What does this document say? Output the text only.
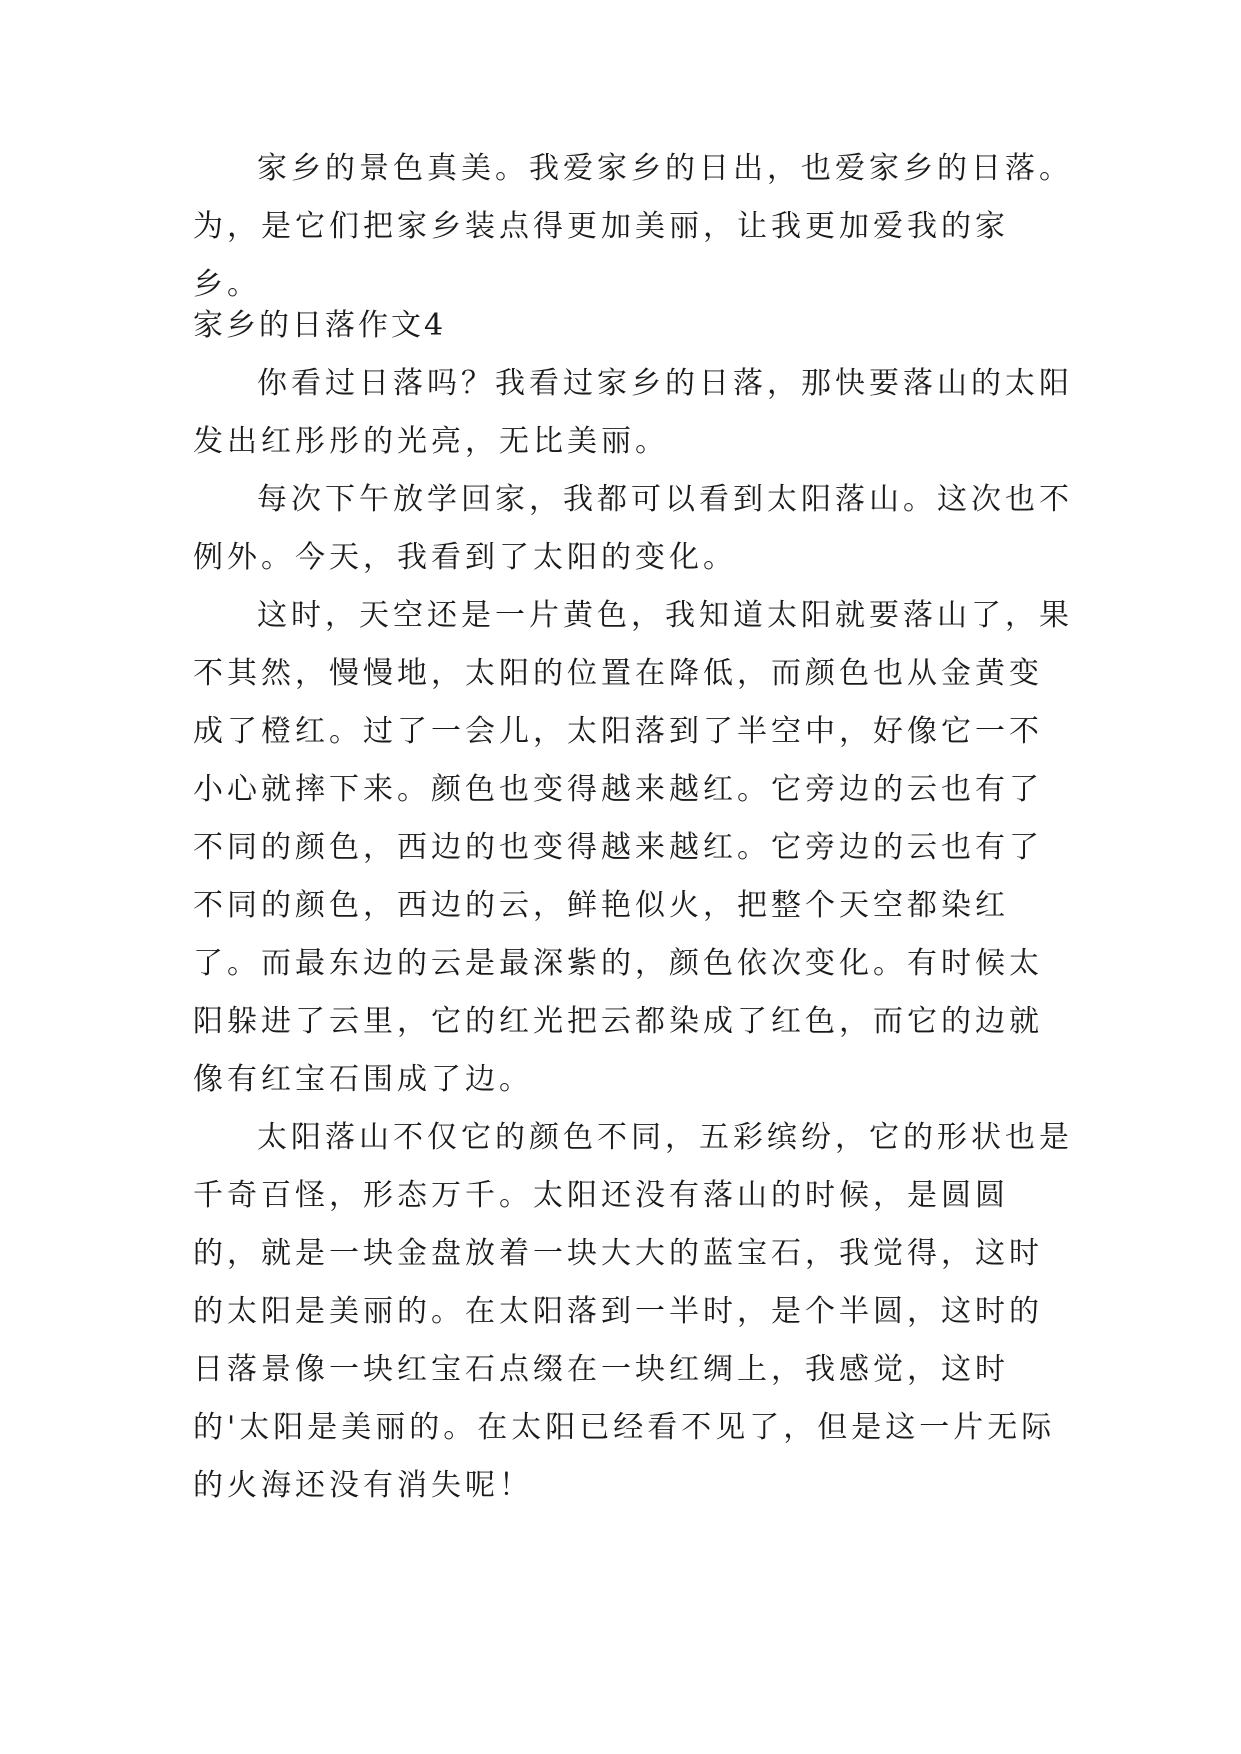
家乡的景色真美。我爱家乡的日出，也爱家乡的日落。为，是它们把家乡装点得更加美丽，让我更加爱我的家乡。

家乡的日落作文4

你看过日落吗？我看过家乡的日落，那快要落山的太阳发出红彤彤的光亮，无比美丽。

每次下午放学回家，我都可以看到太阳落山。这次也不例外。今天，我看到了太阳的变化。

这时，天空还是一片黄色，我知道太阳就要落山了，果不其然，慢慢地，太阳的位置在降低，而颜色也从金黄变成了橙红。过了一会儿，太阳落到了半空中，好像它一不小心就摔下来。颜色也变得越来越红。它旁边的云也有了不同的颜色，西边的也变得越来越红。它旁边的云也有了不同的颜色，西边的云，鲜艳似火，把整个天空都染红了。而最东边的云是最深紫的，颜色依次变化。有时候太阳躲进了云里，它的红光把云都染成了红色，而它的边就像有红宝石围成了边。

太阳落山不仅它的颜色不同，五彩缤纷，它的形状也是千奇百怪，形态万千。太阳还没有落山的时候，是圆圆的，就是一块金盘放着一块大大的蓝宝石，我觉得，这时的太阳是美丽的。在太阳落到一半时，是个半圆，这时的日落景像一块红宝石点缀在一块红绸上，我感觉，这时的'太阳是美丽的。在太阳已经看不见了，但是这一片无际的火海还没有消失呢！
